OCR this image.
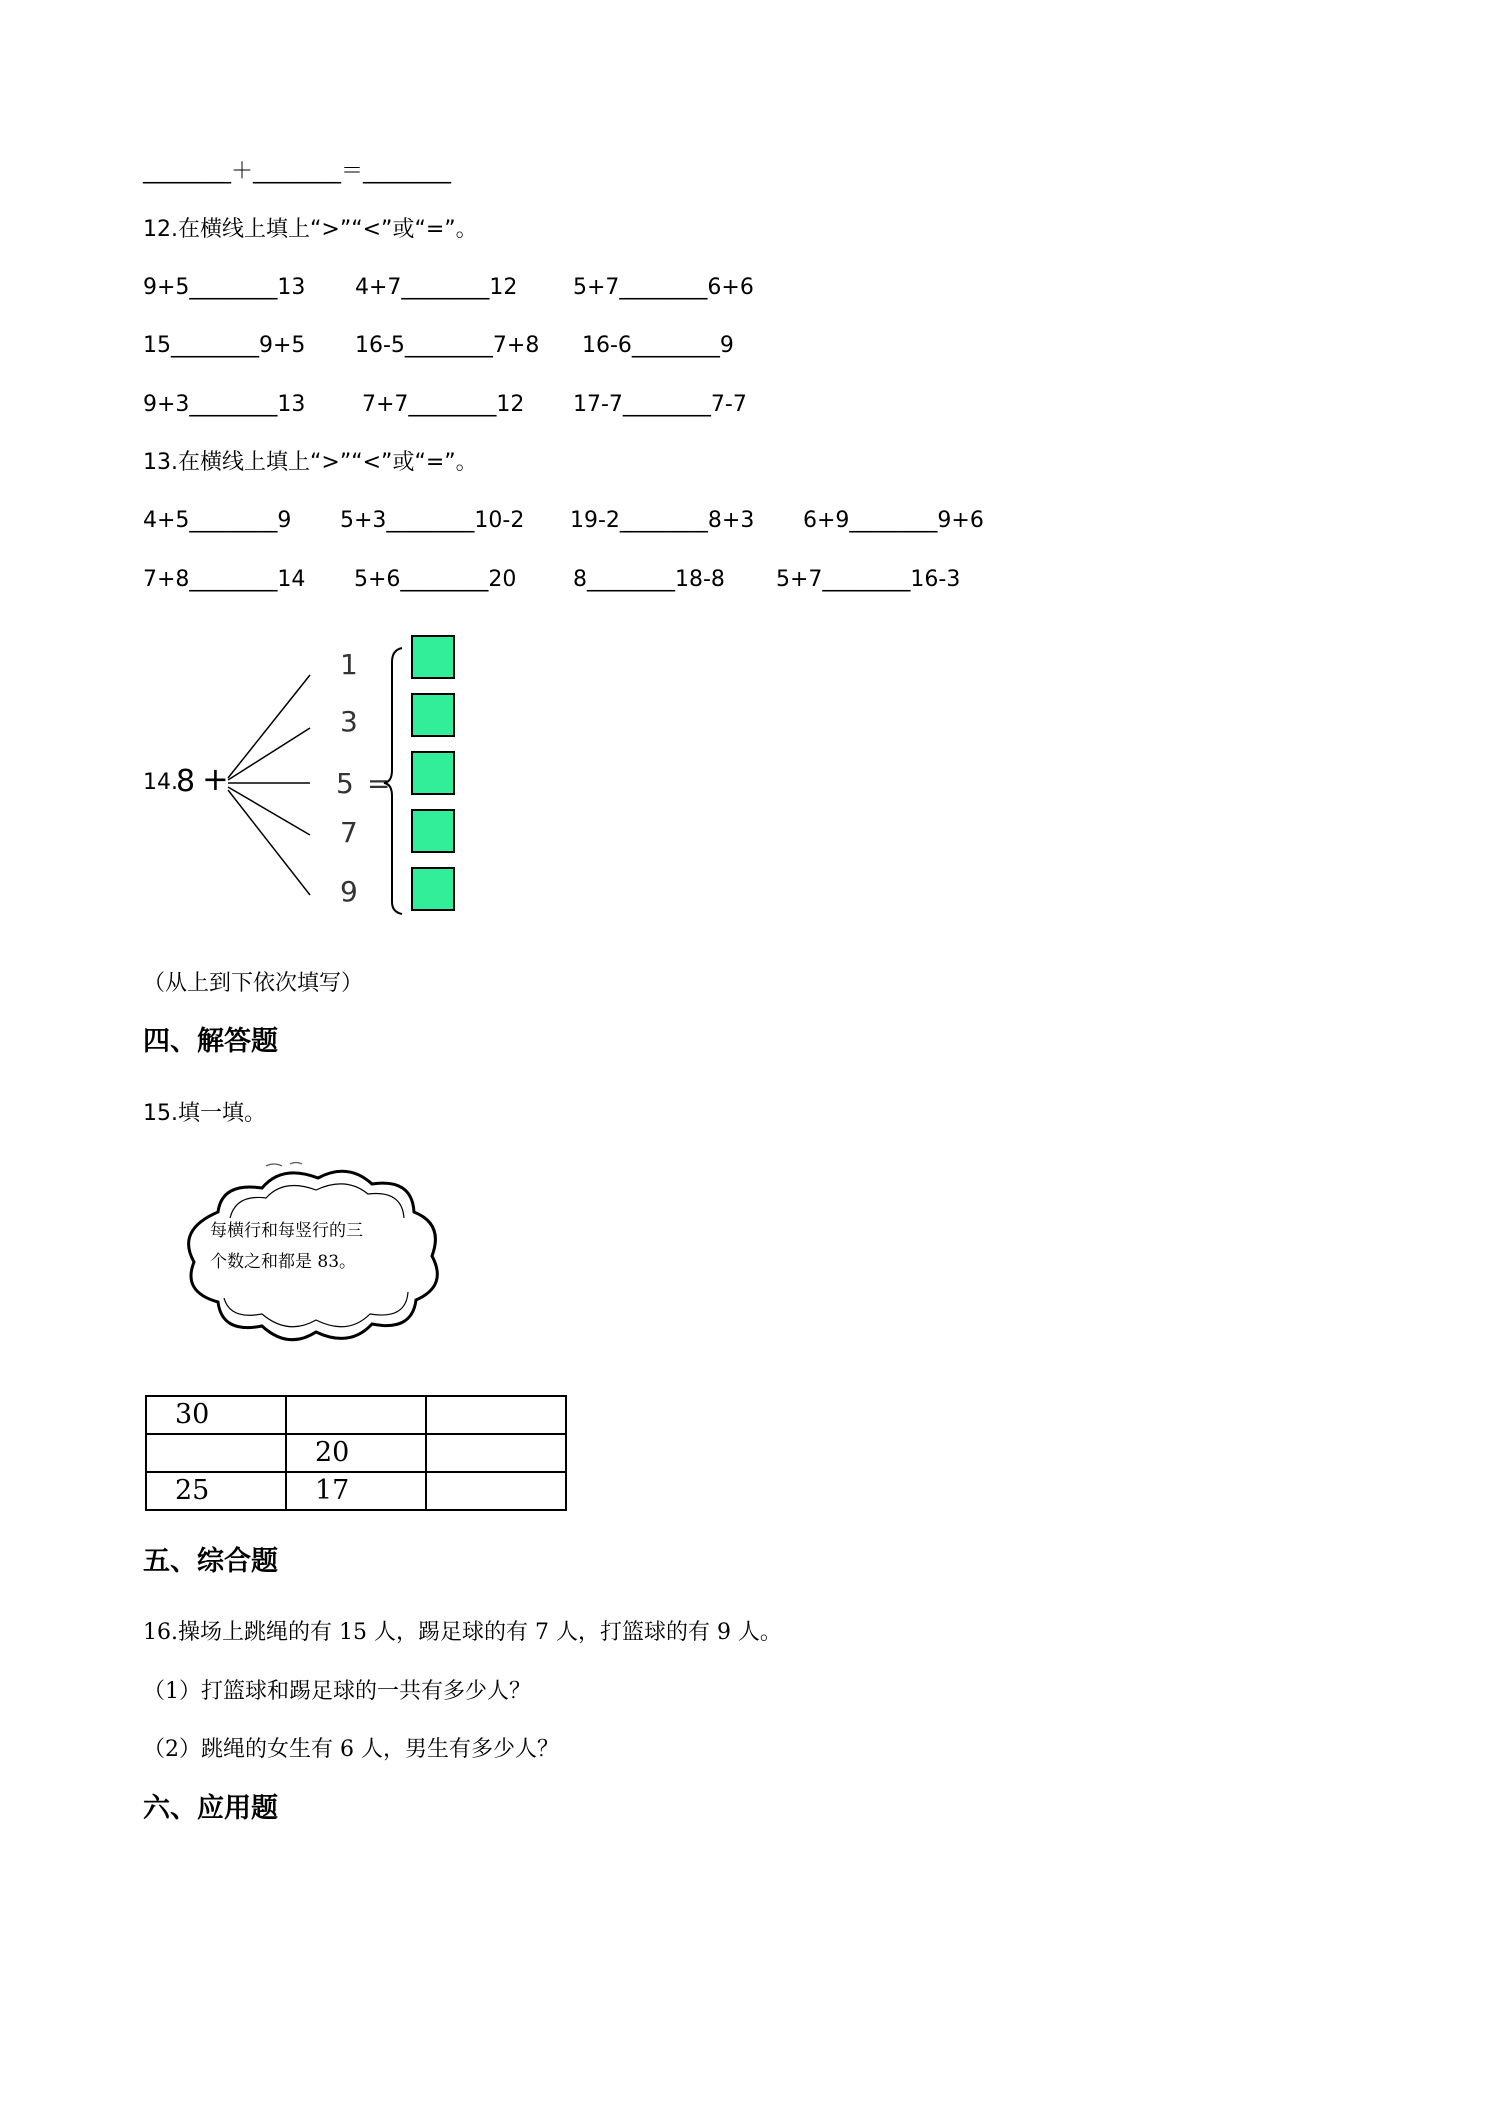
________＋________＝________
12.在横线上填上“>”“<”或“=”。
9+5________13 4+7________12	5+7________6+6
15________9+5 16-5________7+8 16-6________9
9+3________13	7+7________12 17-7________7-7
13.在横线上填上“>”“<”或“=”。
4+5________9 5+3________10-2 19-2________8+3 6+9________9+6
7+8________14 5+6________20	8________18-8 5+7________16-3
14.
8 +
1
3
5 =
7
9
（从上到下依次填写）
四、解答题
15.填一填。
每横行和每竖行的三
个数之和都是 83。
30		
	20	
25	17	
五、综合题
16.操场上跳绳的有 15 人，踢足球的有 7 人，打篮球的有 9 人。
（1）打篮球和踢足球的一共有多少人？
（2）跳绳的女生有 6 人，男生有多少人？
六、应用题
